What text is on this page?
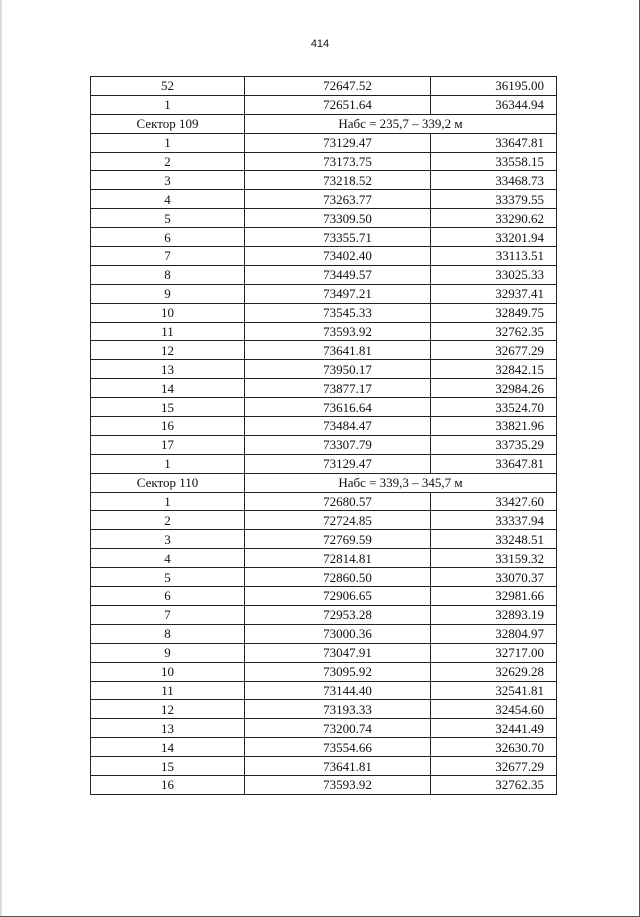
414
52	72647.52	36195.00
1	72651.64	36344.94
Сектор 109	Набс = 235,7 – 339,2 м	
1	73129.47	33647.81
2	73173.75	33558.15
3	73218.52	33468.73
4	73263.77	33379.55
5	73309.50	33290.62
6	73355.71	33201.94
7	73402.40	33113.51
8	73449.57	33025.33
9	73497.21	32937.41
10	73545.33	32849.75
11	73593.92	32762.35
12	73641.81	32677.29
13	73950.17	32842.15
14	73877.17	32984.26
15	73616.64	33524.70
16	73484.47	33821.96
17	73307.79	33735.29
1	73129.47	33647.81
Сектор 110	Набс = 339,3 – 345,7 м	
1	72680.57	33427.60
2	72724.85	33337.94
3	72769.59	33248.51
4	72814.81	33159.32
5	72860.50	33070.37
6	72906.65	32981.66
7	72953.28	32893.19
8	73000.36	32804.97
9	73047.91	32717.00
10	73095.92	32629.28
11	73144.40	32541.81
12	73193.33	32454.60
13	73200.74	32441.49
14	73554.66	32630.70
15	73641.81	32677.29
16	73593.92	32762.35
